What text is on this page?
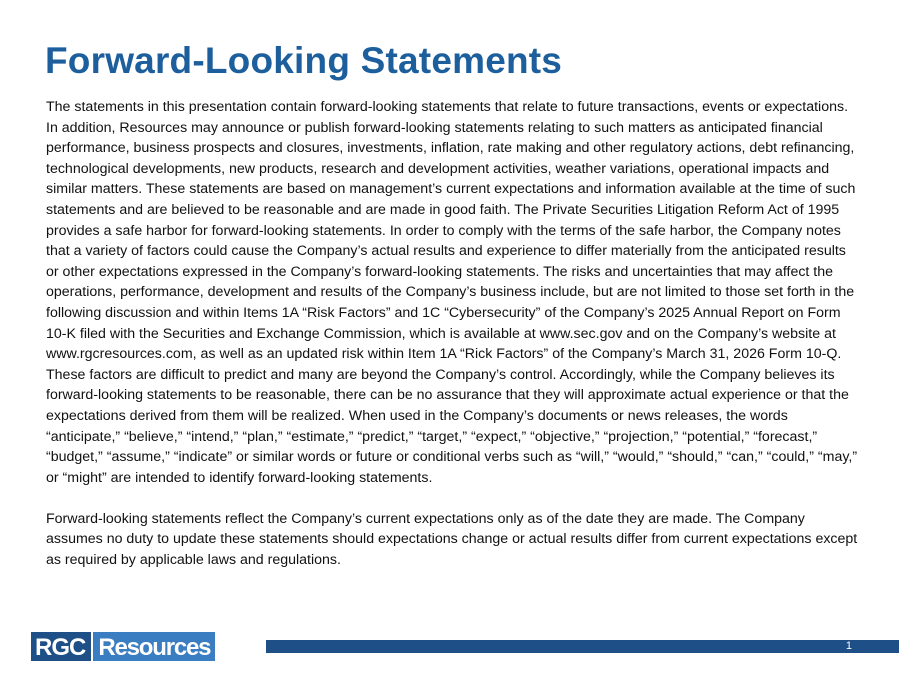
Forward-Looking Statements

The statements in this presentation contain forward-looking statements that relate to future transactions, events or expectations. In addition, Resources may announce or publish forward-looking statements relating to such matters as anticipated financial performance, business prospects and closures, investments, inflation, rate making and other regulatory actions, debt refinancing, technological developments, new products, research and development activities, weather variations, operational impacts and similar matters. These statements are based on management’s current expectations and information available at the time of such statements and are believed to be reasonable and are made in good faith. The Private Securities Litigation Reform Act of 1995 provides a safe harbor for forward-looking statements. In order to comply with the terms of the safe harbor, the Company notes that a variety of factors could cause the Company’s actual results and experience to differ materially from the anticipated results or other expectations expressed in the Company’s forward-looking statements. The risks and uncertainties that may affect the operations, performance, development and results of the Company’s business include, but are not limited to those set forth in the following discussion and within Items 1A “Risk Factors” and 1C “Cybersecurity” of the Company’s 2025 Annual Report on Form 10-K filed with the Securities and Exchange Commission, which is available at www.sec.gov and on the Company’s website at www.rgcresources.com, as well as an updated risk within Item 1A “Rick Factors” of the Company’s March 31, 2026 Form 10-Q. These factors are difficult to predict and many are beyond the Company’s control. Accordingly, while the Company believes its forward-looking statements to be reasonable, there can be no assurance that they will approximate actual experience or that the expectations derived from them will be realized. When used in the Company’s documents or news releases, the words “anticipate,” “believe,” “intend,” “plan,” “estimate,” “predict,” “target,” “expect,” “objective,” “projection,” “potential,” “forecast,” “budget,” “assume,” “indicate” or similar words or future or conditional verbs such as “will,” “would,” “should,” “can,” “could,” “may,” or “might” are intended to identify forward-looking statements.

Forward-looking statements reflect the Company’s current expectations only as of the date they are made. The Company assumes no duty to update these statements should expectations change or actual results differ from current expectations except as required by applicable laws and regulations.

RGC Resources	1
